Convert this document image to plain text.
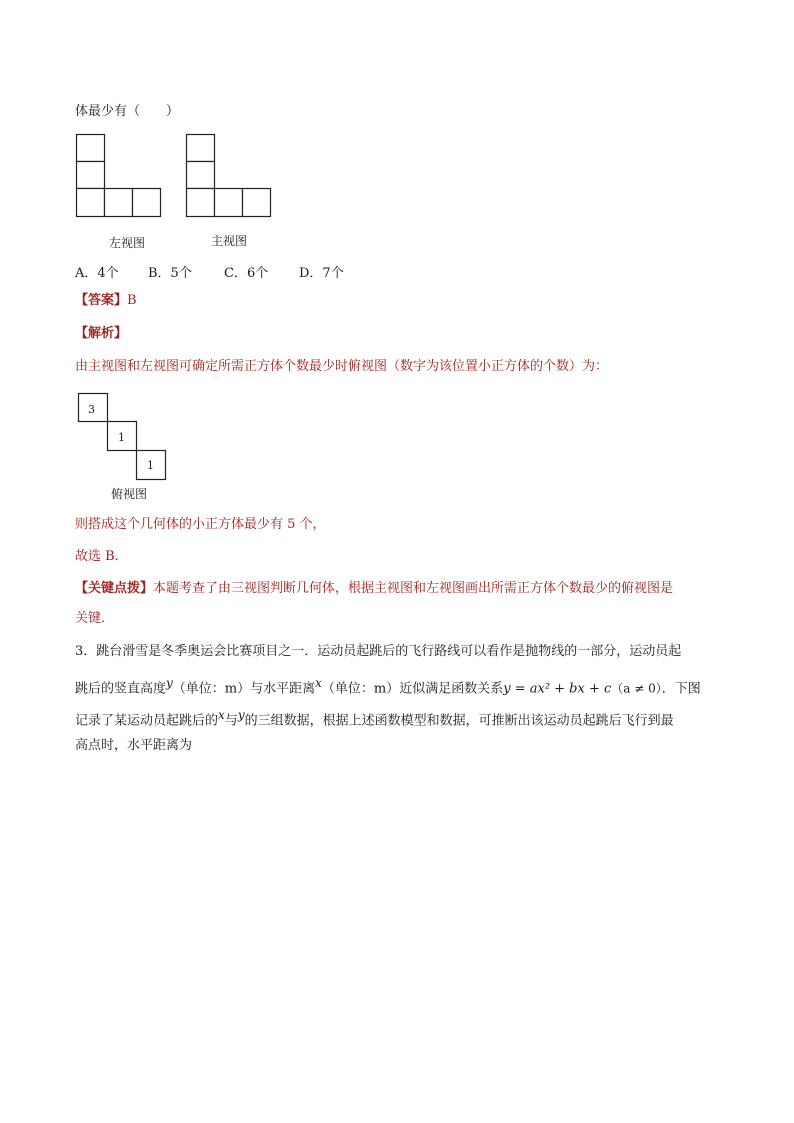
体最少有（　　）
左视图	主视图
A．4个 B．5个 C．6个 D．7个
【答案】B
【解析】
由主视图和左视图可确定所需正方体个数最少时俯视图（数字为该位置小正方体的个数）为：
3
1
1
俯视图
则搭成这个几何体的小正方体最少有 5 个，
故选 B．
【关键点拨】本题考查了由三视图判断几何体，根据主视图和左视图画出所需正方体个数最少的俯视图是
关键．
3．跳台滑雪是冬季奥运会比赛项目之一．运动员起跳后的飞行路线可以看作是抛物线的一部分，运动员起
跳后的竖直高度$^y$（单位：m）与水平距离$^x$（单位：m）近似满足函数关系y = ax² + bx + c（a ≠ 0）．下图
记录了某运动员起跳后的$^x$与$^y$的三组数据，根据上述函数模型和数据，可推断出该运动员起跳后飞行到最
高点时，水平距离为
